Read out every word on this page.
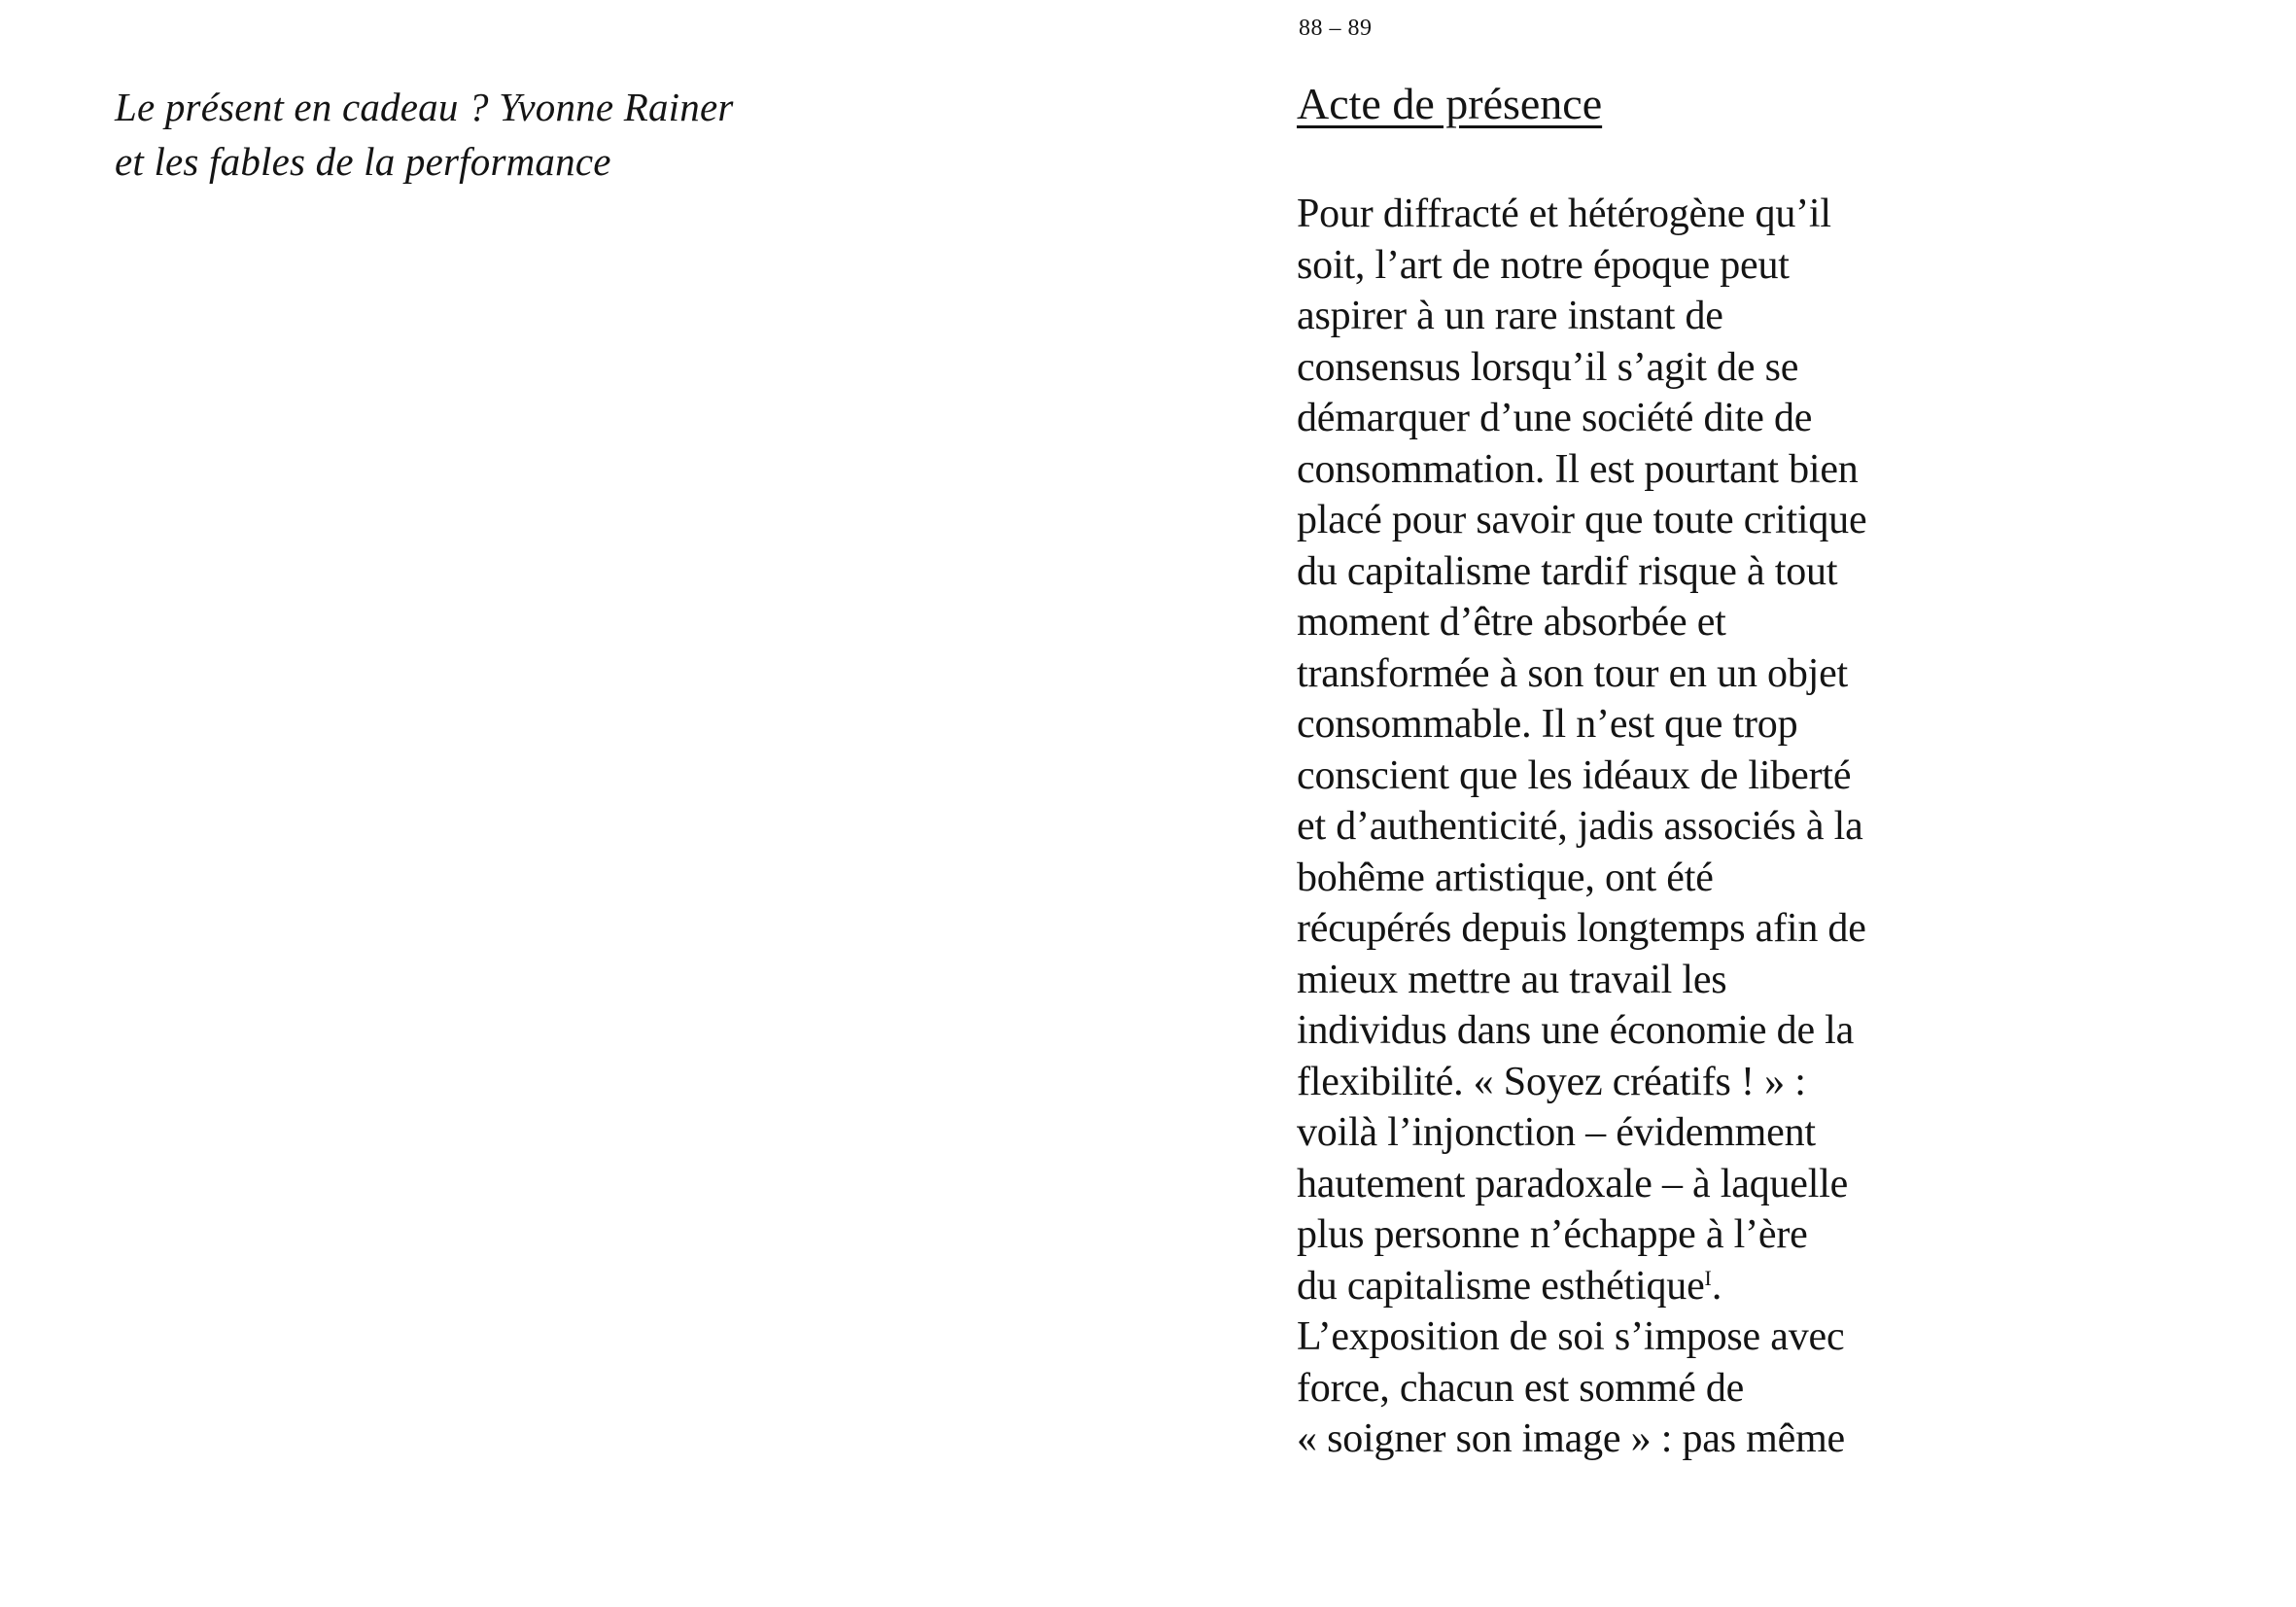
Le présent en cadeau ? Yvonne Rainer
et les fables de la performance
88 – 89
Acte de présence
Pour diffracté et hétérogène qu’il
soit, l’art de notre époque peut
aspirer à un rare instant de
consensus lorsqu’il s’agit de se
démarquer d’une société dite de
consommation. Il est pourtant bien
placé pour savoir que toute critique
du capitalisme tardif risque à tout
moment d’être absorbée et
transformée à son tour en un objet
consommable. Il n’est que trop
conscient que les idéaux de liberté
et d’authenticité, jadis associés à la
bohême artistique, ont été
récupérés depuis longtemps afin de
mieux mettre au travail les
individus dans une économie de la
flexibilité. « Soyez créatifs ! » :
voilà l’injonction – évidemment
hautement paradoxale – à laquelle
plus personne n’échappe à l’ère
du capitalisme esthétique$^I$.
L’exposition de soi s’impose avec
force, chacun est sommé de
« soigner son image » : pas même
